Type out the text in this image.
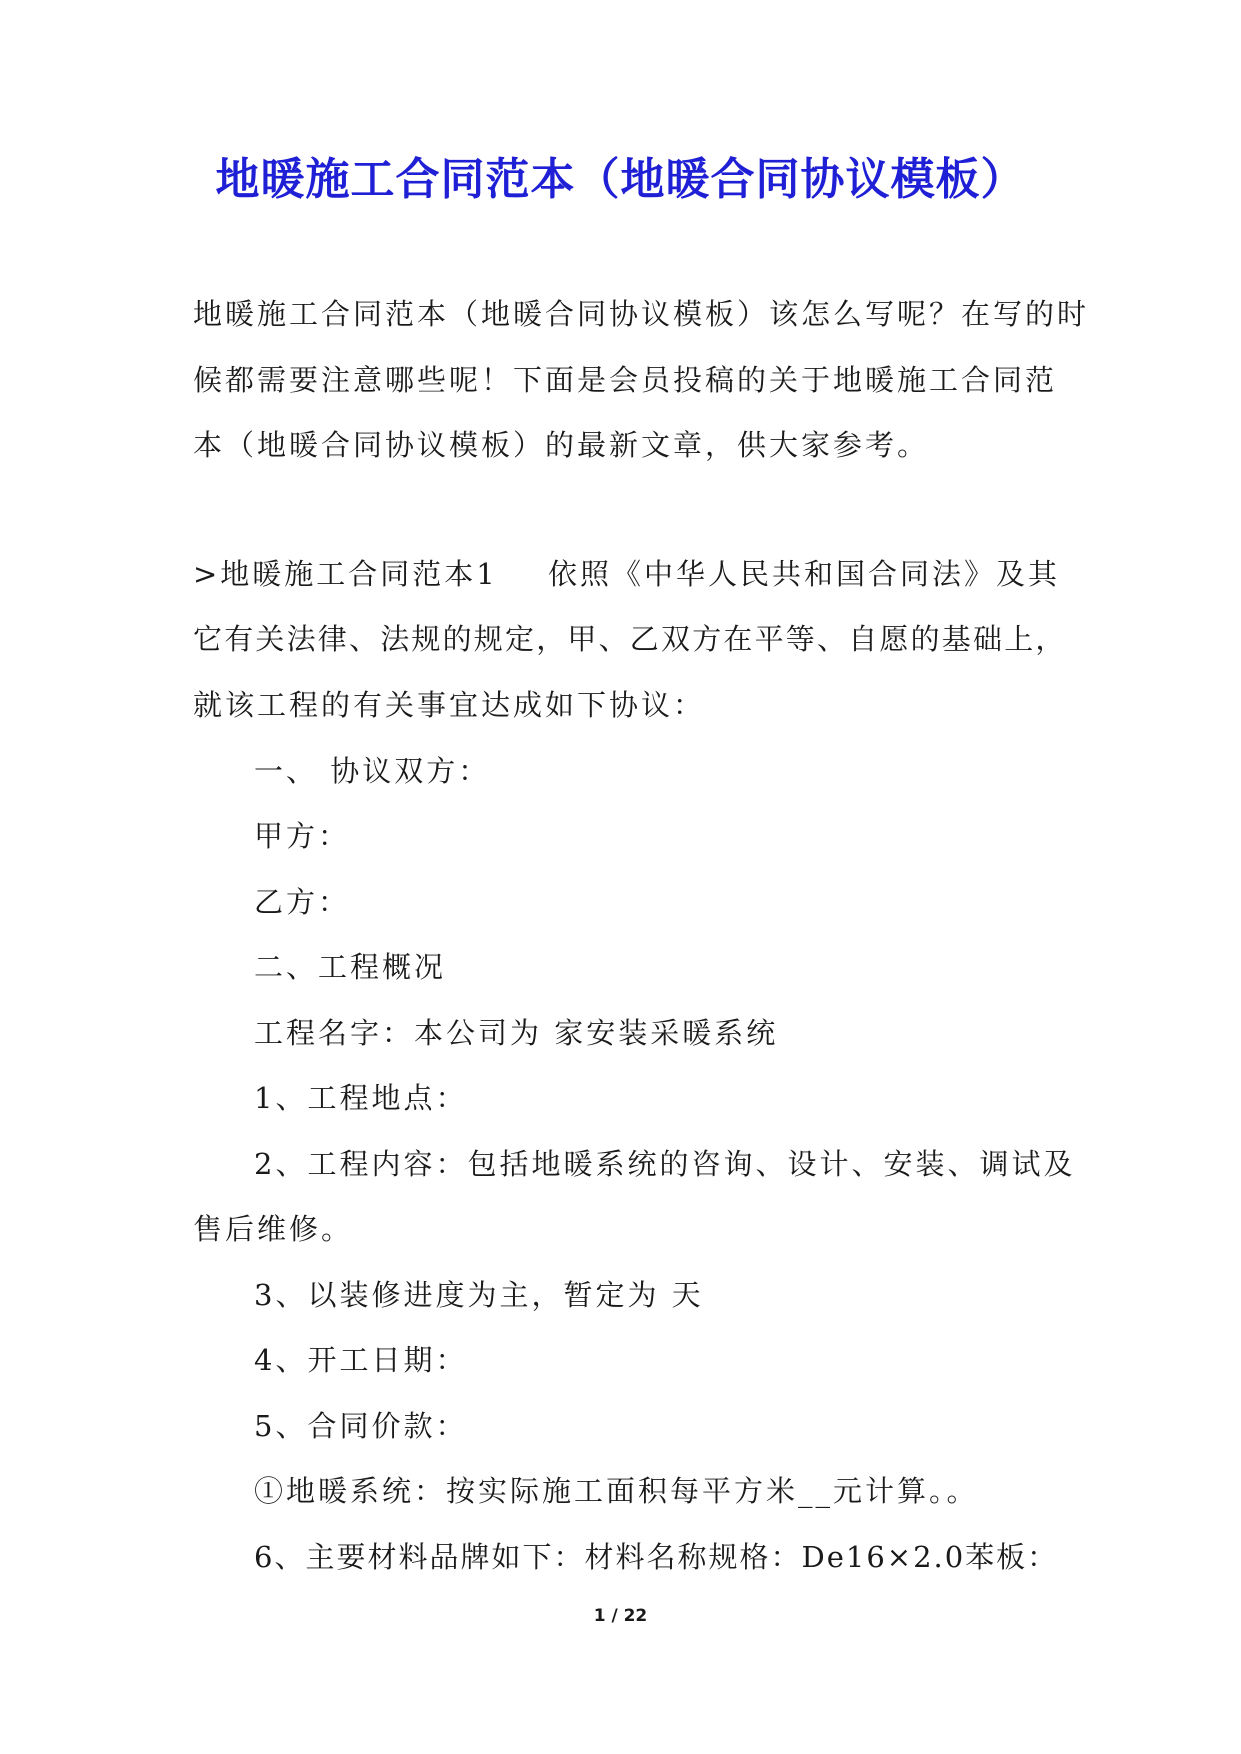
地暖施工合同范本（地暖合同协议模板）
地暖施工合同范本（地暖合同协议模板）该怎么写呢？在写的时
候都需要注意哪些呢！下面是会员投稿的关于地暖施工合同范
本（地暖合同协议模板）的最新文章，供大家参考。
>地暖施工合同范本1 依照《中华人民共和国合同法》及其
它有关法律、法规的规定，甲、乙双方在平等、自愿的基础上，
就该工程的有关事宜达成如下协议：
一、 协议双方：
甲方：
乙方：
二、工程概况
工程名字：本公司为 家安装采暖系统
1、工程地点：
2、工程内容：包括地暖系统的咨询、设计、安装、调试及
售后维修。
3、以装修进度为主，暂定为 天
4、开工日期：
5、合同价款：
①地暖系统：按实际施工面积每平方米__元计算。。
6、主要材料品牌如下：材料名称规格：De16×2.0苯板：
1 / 22
